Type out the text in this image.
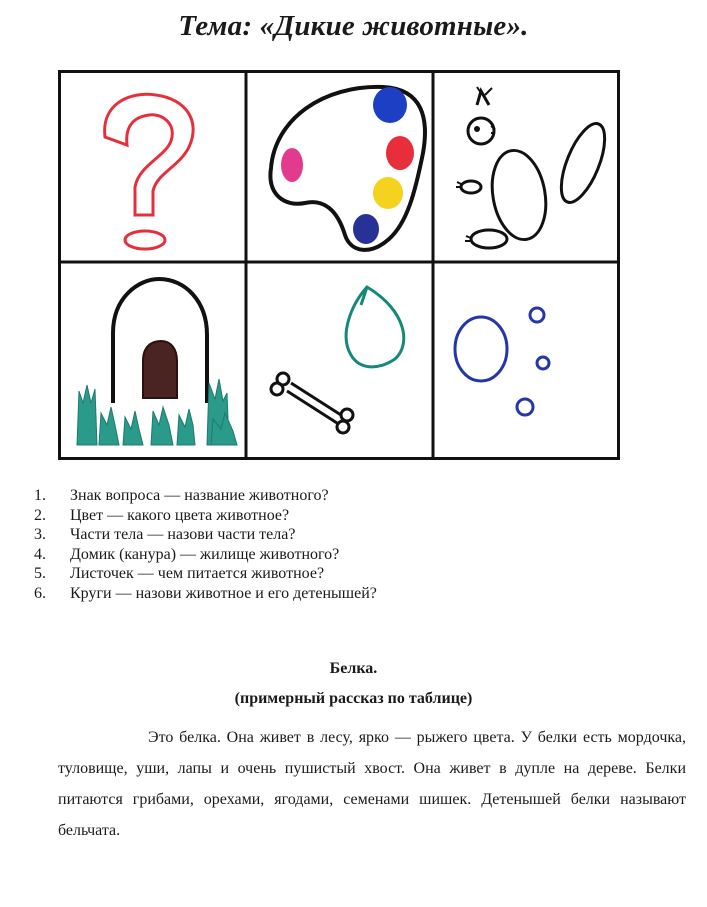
Тема: «Дикие животные».
1.	Знак вопроса — название животного?
2.	Цвет — какого цвета животное?
3.	Части тела — назови части тела?
4.	Домик (канура) — жилище животного?
5.	Листочек — чем питается животное?
6.	Круги — назови животное и его детенышей?
Белка.
(примерный рассказ по таблице)

Это белка. Она живет в лесу, ярко — рыжего цвета. У белки есть мордочка, туловище, уши, лапы и очень пушистый хвост. Она живет в дупле на дереве. Белки питаются грибами, орехами, ягодами, семенами шишек. Детенышей белки называют бельчата.
